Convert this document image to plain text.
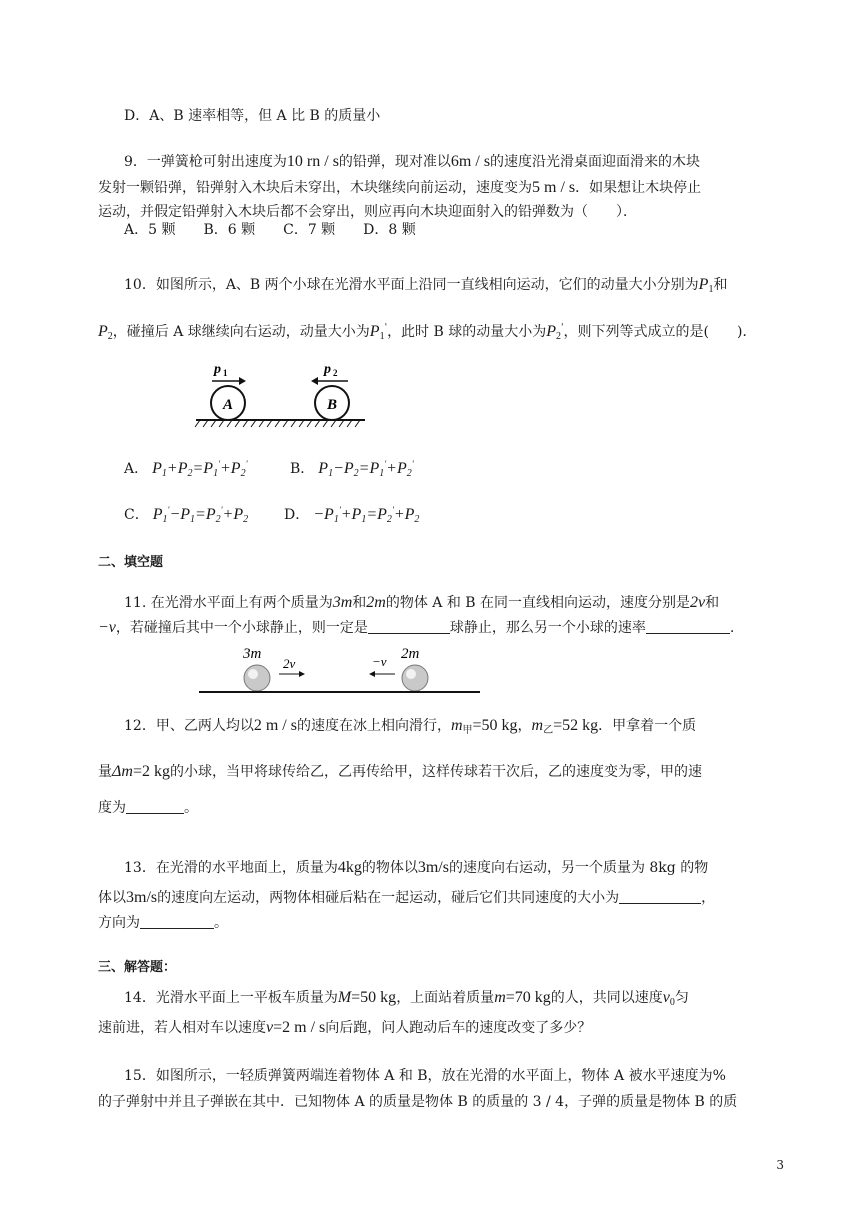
D．A、B 速率相等，但 A 比 B 的质量小
9．一弹簧枪可射出速度为10 rn / s的铅弹，现对准以6m / s的速度沿光滑桌面迎面滑来的木块
发射一颗铅弹，铅弹射入木块后未穿出，木块继续向前运动，速度变为5 m / s．如果想让木块停止
运动，并假定铅弹射入木块后都不会穿出，则应再向木块迎面射入的铅弹数为（　　）．
A．5 颗　　B．6 颗　　C．7 颗　　D．8 颗
10．如图所示，A、B 两个小球在光滑水平面上沿同一直线相向运动，它们的动量大小分别为$P_1$和
$P_2$，碰撞后 A 球继续向右运动，动量大小为$P_1'$，此时 B 球的动量大小为$P_2'$，则下列等式成立的是(　　)．
p 1
A
p 2
B
A． $P_1+P_2=P_1'+P_2'$	B． $P_1-P_2=P_1'+P_2'$
C． $P_1'-P_1=P_2'+P_2$	D． $-P_1'+P_1=P_2'+P_2$
二、填空题
11. 在光滑水平面上有两个质量为3m和2m的物体 A 和 B 在同一直线相向运动，速度分别是2v和
−v，若碰撞后其中一个小球静止，则一定是	球静止，那么另一个小球的速率	.
3m
2v	−v 2m
12．甲、乙两人均以2 m / s的速度在冰上相向滑行，$m_甲=50$ kg，$m_乙=52$ kg．甲拿着一个质
量Δm=2 kg的小球，当甲将球传给乙，乙再传给甲，这样传球若干次后，乙的速度变为零，甲的速
度为	。
13．在光滑的水平地面上，质量为4kg的物体以3m/s的速度向右运动，另一个质量为 8kg 的物
体以3m/s的速度向左运动，两物体相碰后粘在一起运动，碰后它们共同速度的大小为	，
方向为	。
三、解答题：
14．光滑水平面上一平板车质量为M=50 kg，上面站着质量m=70 kg的人，共同以速度$v_0$匀
速前进，若人相对车以速度v=2 m / s向后跑，问人跑动后车的速度改变了多少？
15．如图所示，一轻质弹簧两端连着物体 A 和 B，放在光滑的水平面上，物体 A 被水平速度为%
的子弹射中并且子弹嵌在其中．已知物体 A 的质量是物体 B 的质量的 3 / 4，子弹的质量是物体 B 的质
3
